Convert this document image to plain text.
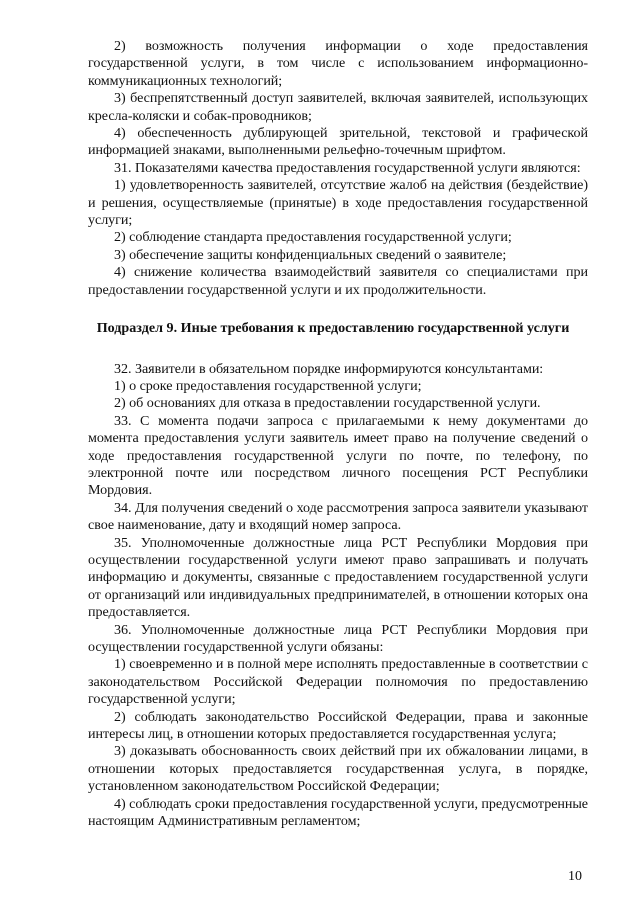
2) возможность получения информации о ходе предоставления государственной услуги, в том числе с использованием информационно-коммуникационных технологий;

3) беспрепятственный доступ заявителей, включая заявителей, использующих кресла-коляски и собак-проводников;

4) обеспеченность дублирующей зрительной, текстовой и графической информацией знаками, выполненными рельефно-точечным шрифтом.

31. Показателями качества предоставления государственной услуги являются:

1) удовлетворенность заявителей, отсутствие жалоб на действия (бездействие) и решения, осуществляемые (принятые) в ходе предоставления государственной услуги;

2) соблюдение стандарта предоставления государственной услуги;

3) обеспечение защиты конфиденциальных сведений о заявителе;

4) снижение количества взаимодействий заявителя со специалистами при предоставлении государственной услуги и их продолжительности.

Подраздел 9. Иные требования к предоставлению государственной услуги

32. Заявители в обязательном порядке информируются консультантами:

1) о сроке предоставления государственной услуги;

2) об основаниях для отказа в предоставлении государственной услуги.

33. С момента подачи запроса с прилагаемыми к нему документами до момента предоставления услуги заявитель имеет право на получение сведений о ходе предоставления государственной услуги по почте, по телефону, по электронной почте или посредством личного посещения РСТ Республики Мордовия.

34. Для получения сведений о ходе рассмотрения запроса заявители указывают свое наименование, дату и входящий номер запроса.

35. Уполномоченные должностные лица РСТ Республики Мордовия при осуществлении государственной услуги имеют право запрашивать и получать информацию и документы, связанные с предоставлением государственной услуги от организаций или индивидуальных предпринимателей, в отношении которых она предоставляется.

36. Уполномоченные должностные лица РСТ Республики Мордовия при осуществлении государственной услуги обязаны:

1) своевременно и в полной мере исполнять предоставленные в соответствии с законодательством Российской Федерации полномочия по предоставлению государственной услуги;

2) соблюдать законодательство Российской Федерации, права и законные интересы лиц, в отношении которых предоставляется государственная услуга;

3) доказывать обоснованность своих действий при их обжаловании лицами, в отношении которых предоставляется государственная услуга, в порядке, установленном законодательством Российской Федерации;

4) соблюдать сроки предоставления государственной услуги, предусмотренные настоящим Административным регламентом;

10
